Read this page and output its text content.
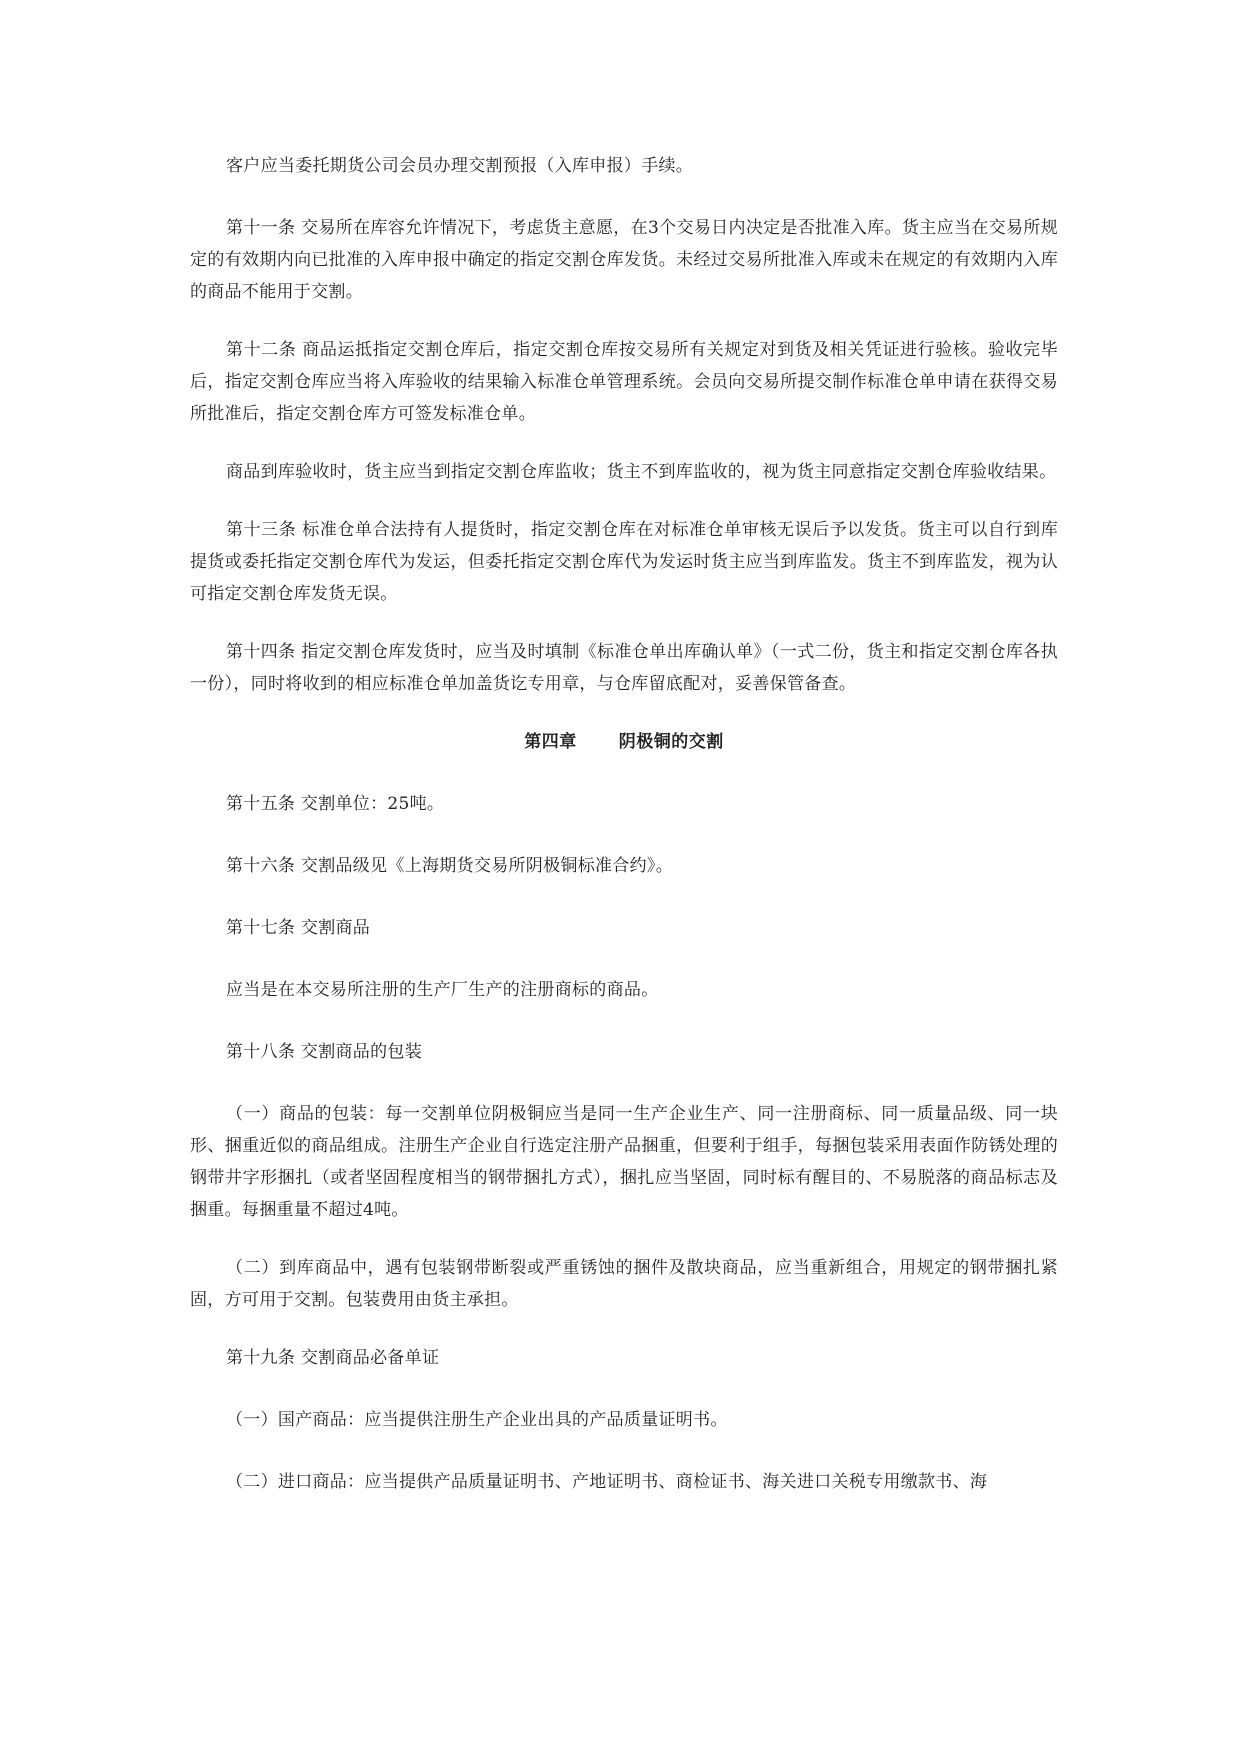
客户应当委托期货公司会员办理交割预报（入库申报）手续。

第十一条 交易所在库容允许情况下，考虑货主意愿，在3个交易日内决定是否批准入库。货主应当在交易所规定的有效期内向已批准的入库申报中确定的指定交割仓库发货。未经过交易所批准入库或未在规定的有效期内入库的商品不能用于交割。

第十二条 商品运抵指定交割仓库后，指定交割仓库按交易所有关规定对到货及相关凭证进行验核。验收完毕后，指定交割仓库应当将入库验收的结果输入标准仓单管理系统。会员向交易所提交制作标准仓单申请在获得交易所批准后，指定交割仓库方可签发标准仓单。

商品到库验收时，货主应当到指定交割仓库监收；货主不到库监收的，视为货主同意指定交割仓库验收结果。

第十三条 标准仓单合法持有人提货时，指定交割仓库在对标准仓单审核无误后予以发货。货主可以自行到库提货或委托指定交割仓库代为发运，但委托指定交割仓库代为发运时货主应当到库监发。货主不到库监发，视为认可指定交割仓库发货无误。

第十四条 指定交割仓库发货时，应当及时填制《标准仓单出库确认单》（一式二份，货主和指定交割仓库各执一份），同时将收到的相应标准仓单加盖货讫专用章，与仓库留底配对，妥善保管备查。

第四章 阴极铜的交割

第十五条 交割单位：25吨。

第十六条 交割品级见《上海期货交易所阴极铜标准合约》。

第十七条 交割商品

应当是在本交易所注册的生产厂生产的注册商标的商品。

第十八条 交割商品的包装

（一）商品的包装：每一交割单位阴极铜应当是同一生产企业生产、同一注册商标、同一质量品级、同一块形、捆重近似的商品组成。注册生产企业自行选定注册产品捆重，但要利于组手，每捆包装采用表面作防锈处理的钢带井字形捆扎（或者坚固程度相当的钢带捆扎方式），捆扎应当坚固，同时标有醒目的、不易脱落的商品标志及捆重。每捆重量不超过4吨。

（二）到库商品中，遇有包装钢带断裂或严重锈蚀的捆件及散块商品，应当重新组合，用规定的钢带捆扎紧固，方可用于交割。包装费用由货主承担。

第十九条 交割商品必备单证

（一）国产商品：应当提供注册生产企业出具的产品质量证明书。

（二）进口商品：应当提供产品质量证明书、产地证明书、商检证书、海关进口关税专用缴款书、海
